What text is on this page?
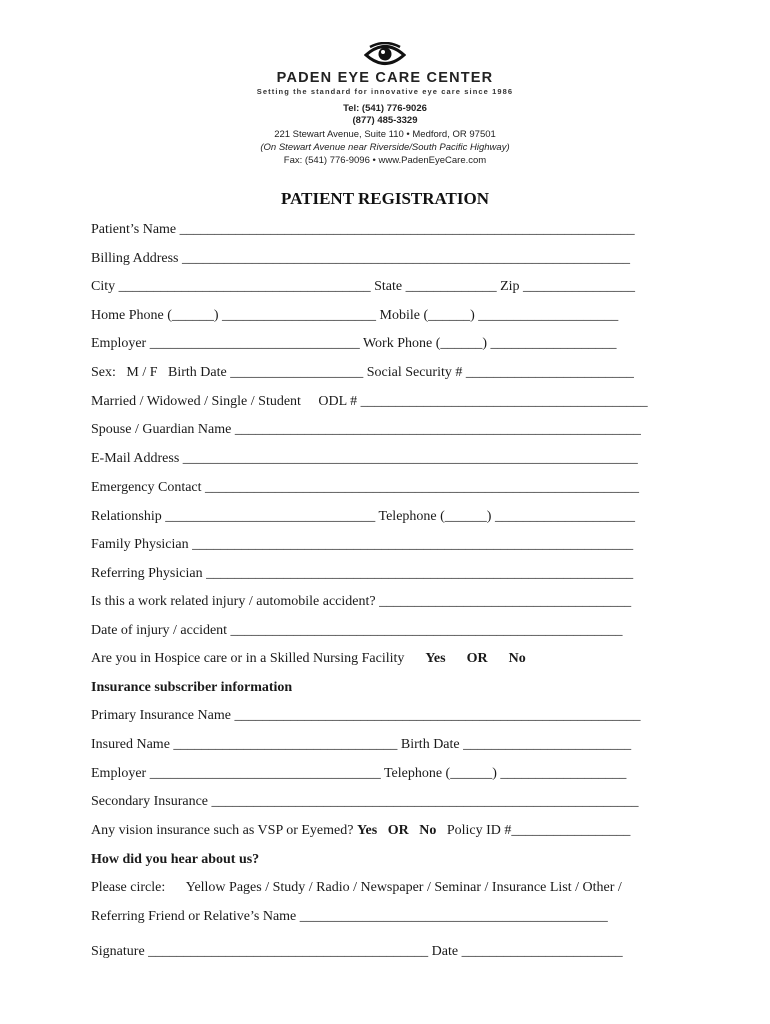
PADEN EYE CARE CENTER
Setting the standard for innovative eye care since 1986
Tel: (541) 776-9026
(877) 485-3329
221 Stewart Avenue, Suite 110 • Medford, OR 97501
(On Stewart Avenue near Riverside/South Pacific Highway)
Fax: (541) 776-9096 • www.PadenEyeCare.com
PATIENT REGISTRATION
Patient’s Name _________________________________________________________________
Billing Address ________________________________________________________________
City ____________________________________ State _____________ Zip ________________
Home Phone (______) ______________________ Mobile (______) ____________________
Employer ______________________________ Work Phone (______) __________________
Sex:   M / F   Birth Date ___________________ Social Security # ________________________
Married / Widowed / Single / Student     ODL # _________________________________________
Spouse / Guardian Name __________________________________________________________
E-Mail Address _________________________________________________________________
Emergency Contact ______________________________________________________________
Relationship ______________________________ Telephone (______) ____________________
Family Physician _______________________________________________________________
Referring Physician _____________________________________________________________
Is this a work related injury / automobile accident? ____________________________________
Date of injury / accident ________________________________________________________
Are you in Hospice care or in a Skilled Nursing Facility Yes OR No
Insurance subscriber information
Primary Insurance Name __________________________________________________________
Insured Name ________________________________ Birth Date ________________________
Employer _________________________________ Telephone (______) __________________
Secondary Insurance _____________________________________________________________
Any vision insurance such as VSP or Eyemed? Yes OR No Policy ID #_________________
How did you hear about us?
Please circle: Yellow Pages / Study / Radio / Newspaper / Seminar / Insurance List / Other /
Referring Friend or Relative’s Name ____________________________________________
Signature ________________________________________ Date _______________________
